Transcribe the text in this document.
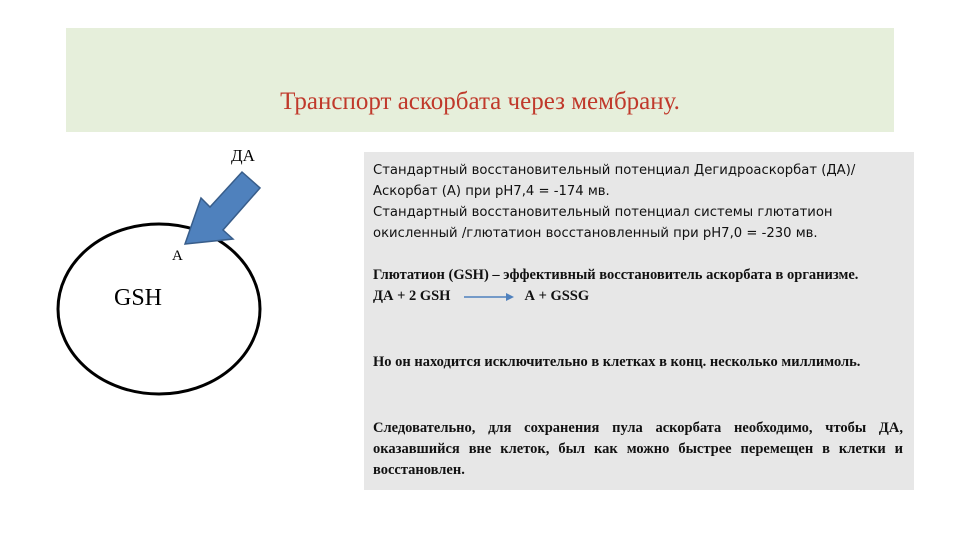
Транспорт аскорбата через мембрану.
ДА
А
GSH
Стандартный восстановительный потенциал Дегидроаскорбат (ДА)/Аскорбат (А) при рН7,4 = -174 мв.
Стандартный восстановительный потенциал системы глютатион окисленный /глютатион восстановленный при рН7,0 = -230 мв.
Глютатион (GSH) – эффективный восстановитель аскорбата в организме.
ДА + 2 GSH → А + GSSG
Но он находится исключительно в клетках в конц. несколько миллимоль.
Следовательно, для сохранения пула аскорбата необходимо, чтобы ДА, оказавшийся вне клеток, был как можно быстрее перемещен в клетки и восстановлен.
